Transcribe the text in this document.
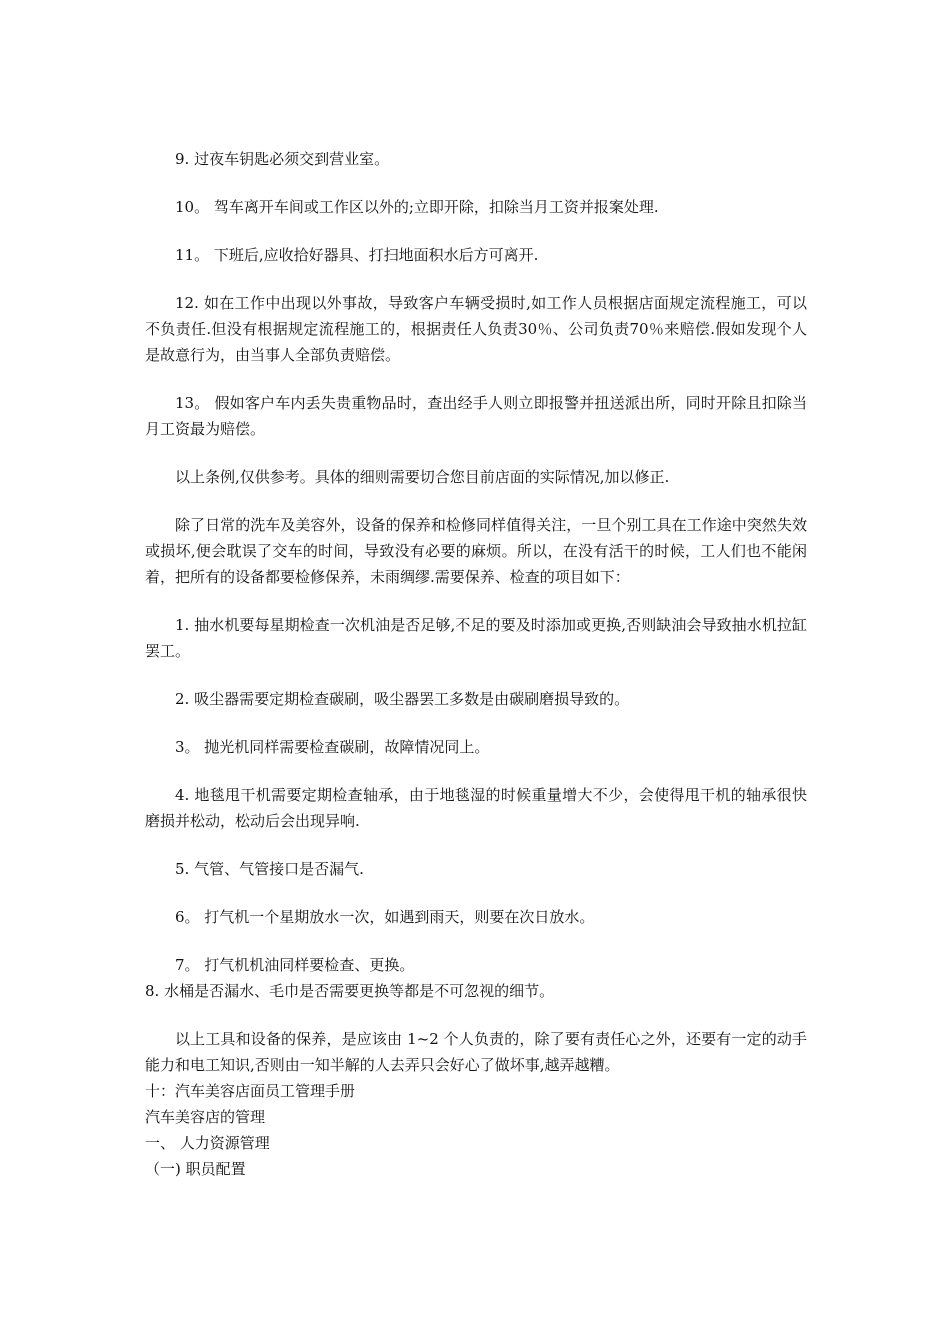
9. 过夜车钥匙必须交到营业室。

10。 驾车离开车间或工作区以外的;立即开除，扣除当月工资并报案处理.

11。 下班后,应收拾好器具、打扫地面积水后方可离开.

12. 如在工作中出现以外事故，导致客户车辆受损时,如工作人员根据店面规定流程施工，可以不负责任.但没有根据规定流程施工的，根据责任人负责30％、公司负责70％来赔偿.假如发现个人是故意行为，由当事人全部负责赔偿。

13。 假如客户车内丢失贵重物品时，查出经手人则立即报警并扭送派出所，同时开除且扣除当月工资最为赔偿。

以上条例,仅供参考。具体的细则需要切合您目前店面的实际情况,加以修正.

除了日常的洗车及美容外，设备的保养和检修同样值得关注，一旦个别工具在工作途中突然失效或损坏,便会耽误了交车的时间，导致没有必要的麻烦。所以，在没有活干的时候，工人们也不能闲着，把所有的设备都要检修保养，未雨绸缪.需要保养、检查的项目如下：

1. 抽水机要每星期检查一次机油是否足够,不足的要及时添加或更换,否则缺油会导致抽水机拉缸罢工。

2. 吸尘器需要定期检查碳刷，吸尘器罢工多数是由碳刷磨损导致的。

3。 抛光机同样需要检查碳刷，故障情况同上。

4. 地毯甩干机需要定期检查轴承，由于地毯湿的时候重量增大不少，会使得甩干机的轴承很快磨损并松动，松动后会出现异响.

5. 气管、气管接口是否漏气.

6。 打气机一个星期放水一次，如遇到雨天，则要在次日放水。

7。 打气机机油同样要检查、更换。

8. 水桶是否漏水、毛巾是否需要更换等都是不可忽视的细节。

以上工具和设备的保养，是应该由 1~2 个人负责的，除了要有责任心之外，还要有一定的动手能力和电工知识,否则由一知半解的人去弄只会好心了做坏事,越弄越糟。

十：汽车美容店面员工管理手册

汽车美容店的管理

一、 人力资源管理

（一) 职员配置
